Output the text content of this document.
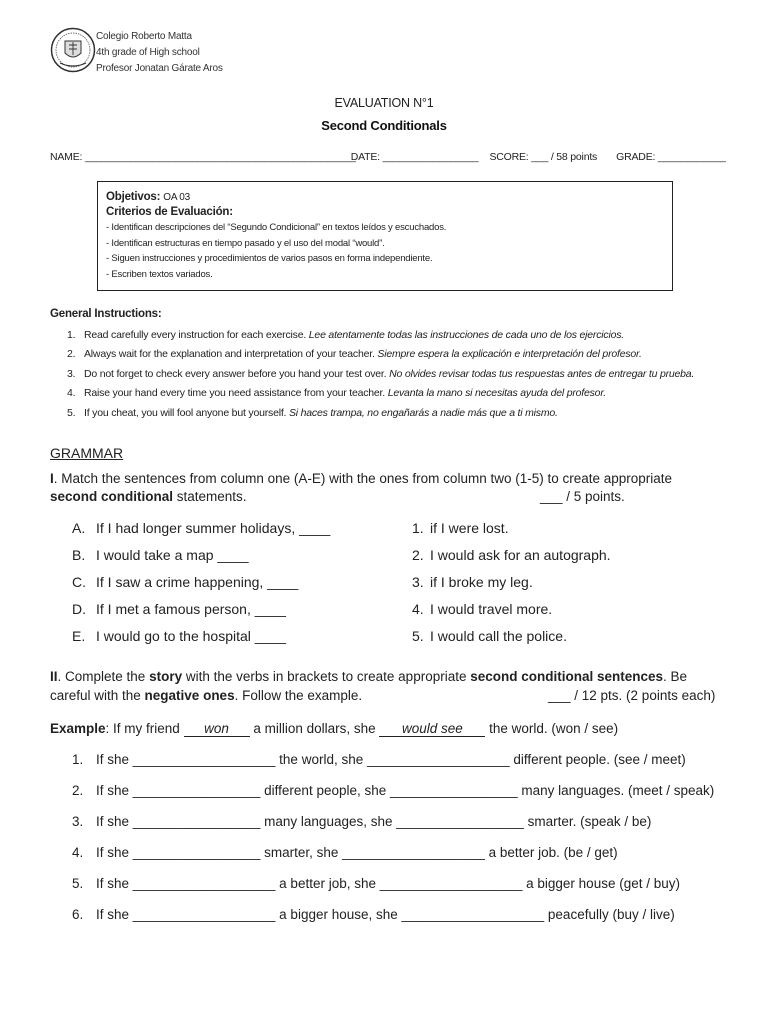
Colegio Roberto Matta
4th grade of High school
Profesor Jonatan Gárate Aros
EVALUATION N°1
Second Conditionals
NAME: ________________________________________________ DATE: _________________ SCORE: ___ / 58 points GRADE: ____________
Objetivos: OA 03
Criterios de Evaluación:
- Identifican descripciones del “Segundo Condicional” en textos leídos y escuchados.
- Identifican estructuras en tiempo pasado y el uso del modal “would”.
- Siguen instrucciones y procedimientos de varios pasos en forma independiente.
- Escriben textos variados.
General Instructions:
1. Read carefully every instruction for each exercise. Lee atentamente todas las instrucciones de cada uno de los ejercicios.
2. Always wait for the explanation and interpretation of your teacher. Siempre espera la explicación e interpretación del profesor.
3. Do not forget to check every answer before you hand your test over. No olvides revisar todas tus respuestas antes de entregar tu prueba.
4. Raise your hand every time you need assistance from your teacher. Levanta la mano si necesitas ayuda del profesor.
5. If you cheat, you will fool anyone but yourself. Si haces trampa, no engañarás a nadie más que a ti mismo.
GRAMMAR
I. Match the sentences from column one (A-E) with the ones from column two (1-5) to create appropriate
second conditional statements.	___ / 5 points.
A. If I had longer summer holidays, ____
B. I would take a map ____
C. If I saw a crime happening, ____
D. If I met a famous person, ____
E. I would go to the hospital ____
1. if I were lost.
2. I would ask for an autograph.
3. if I broke my leg.
4. I would travel more.
5. I would call the police.
II. Complete the story with the verbs in brackets to create appropriate second conditional sentences. Be
careful with the negative ones. Follow the example.	___ / 12 pts. (2 points each)
Example: If my friend won a million dollars, she would see the world. (won / see)
1. If she ___________________ the world, she ___________________ different people. (see / meet)
2. If she _________________ different people, she _________________ many languages. (meet / speak)
3. If she _________________ many languages, she _________________ smarter. (speak / be)
4. If she _________________ smarter, she ___________________ a better job. (be / get)
5. If she ___________________ a better job, she ___________________ a bigger house (get / buy)
6. If she ___________________ a bigger house, she ___________________ peacefully (buy / live)
